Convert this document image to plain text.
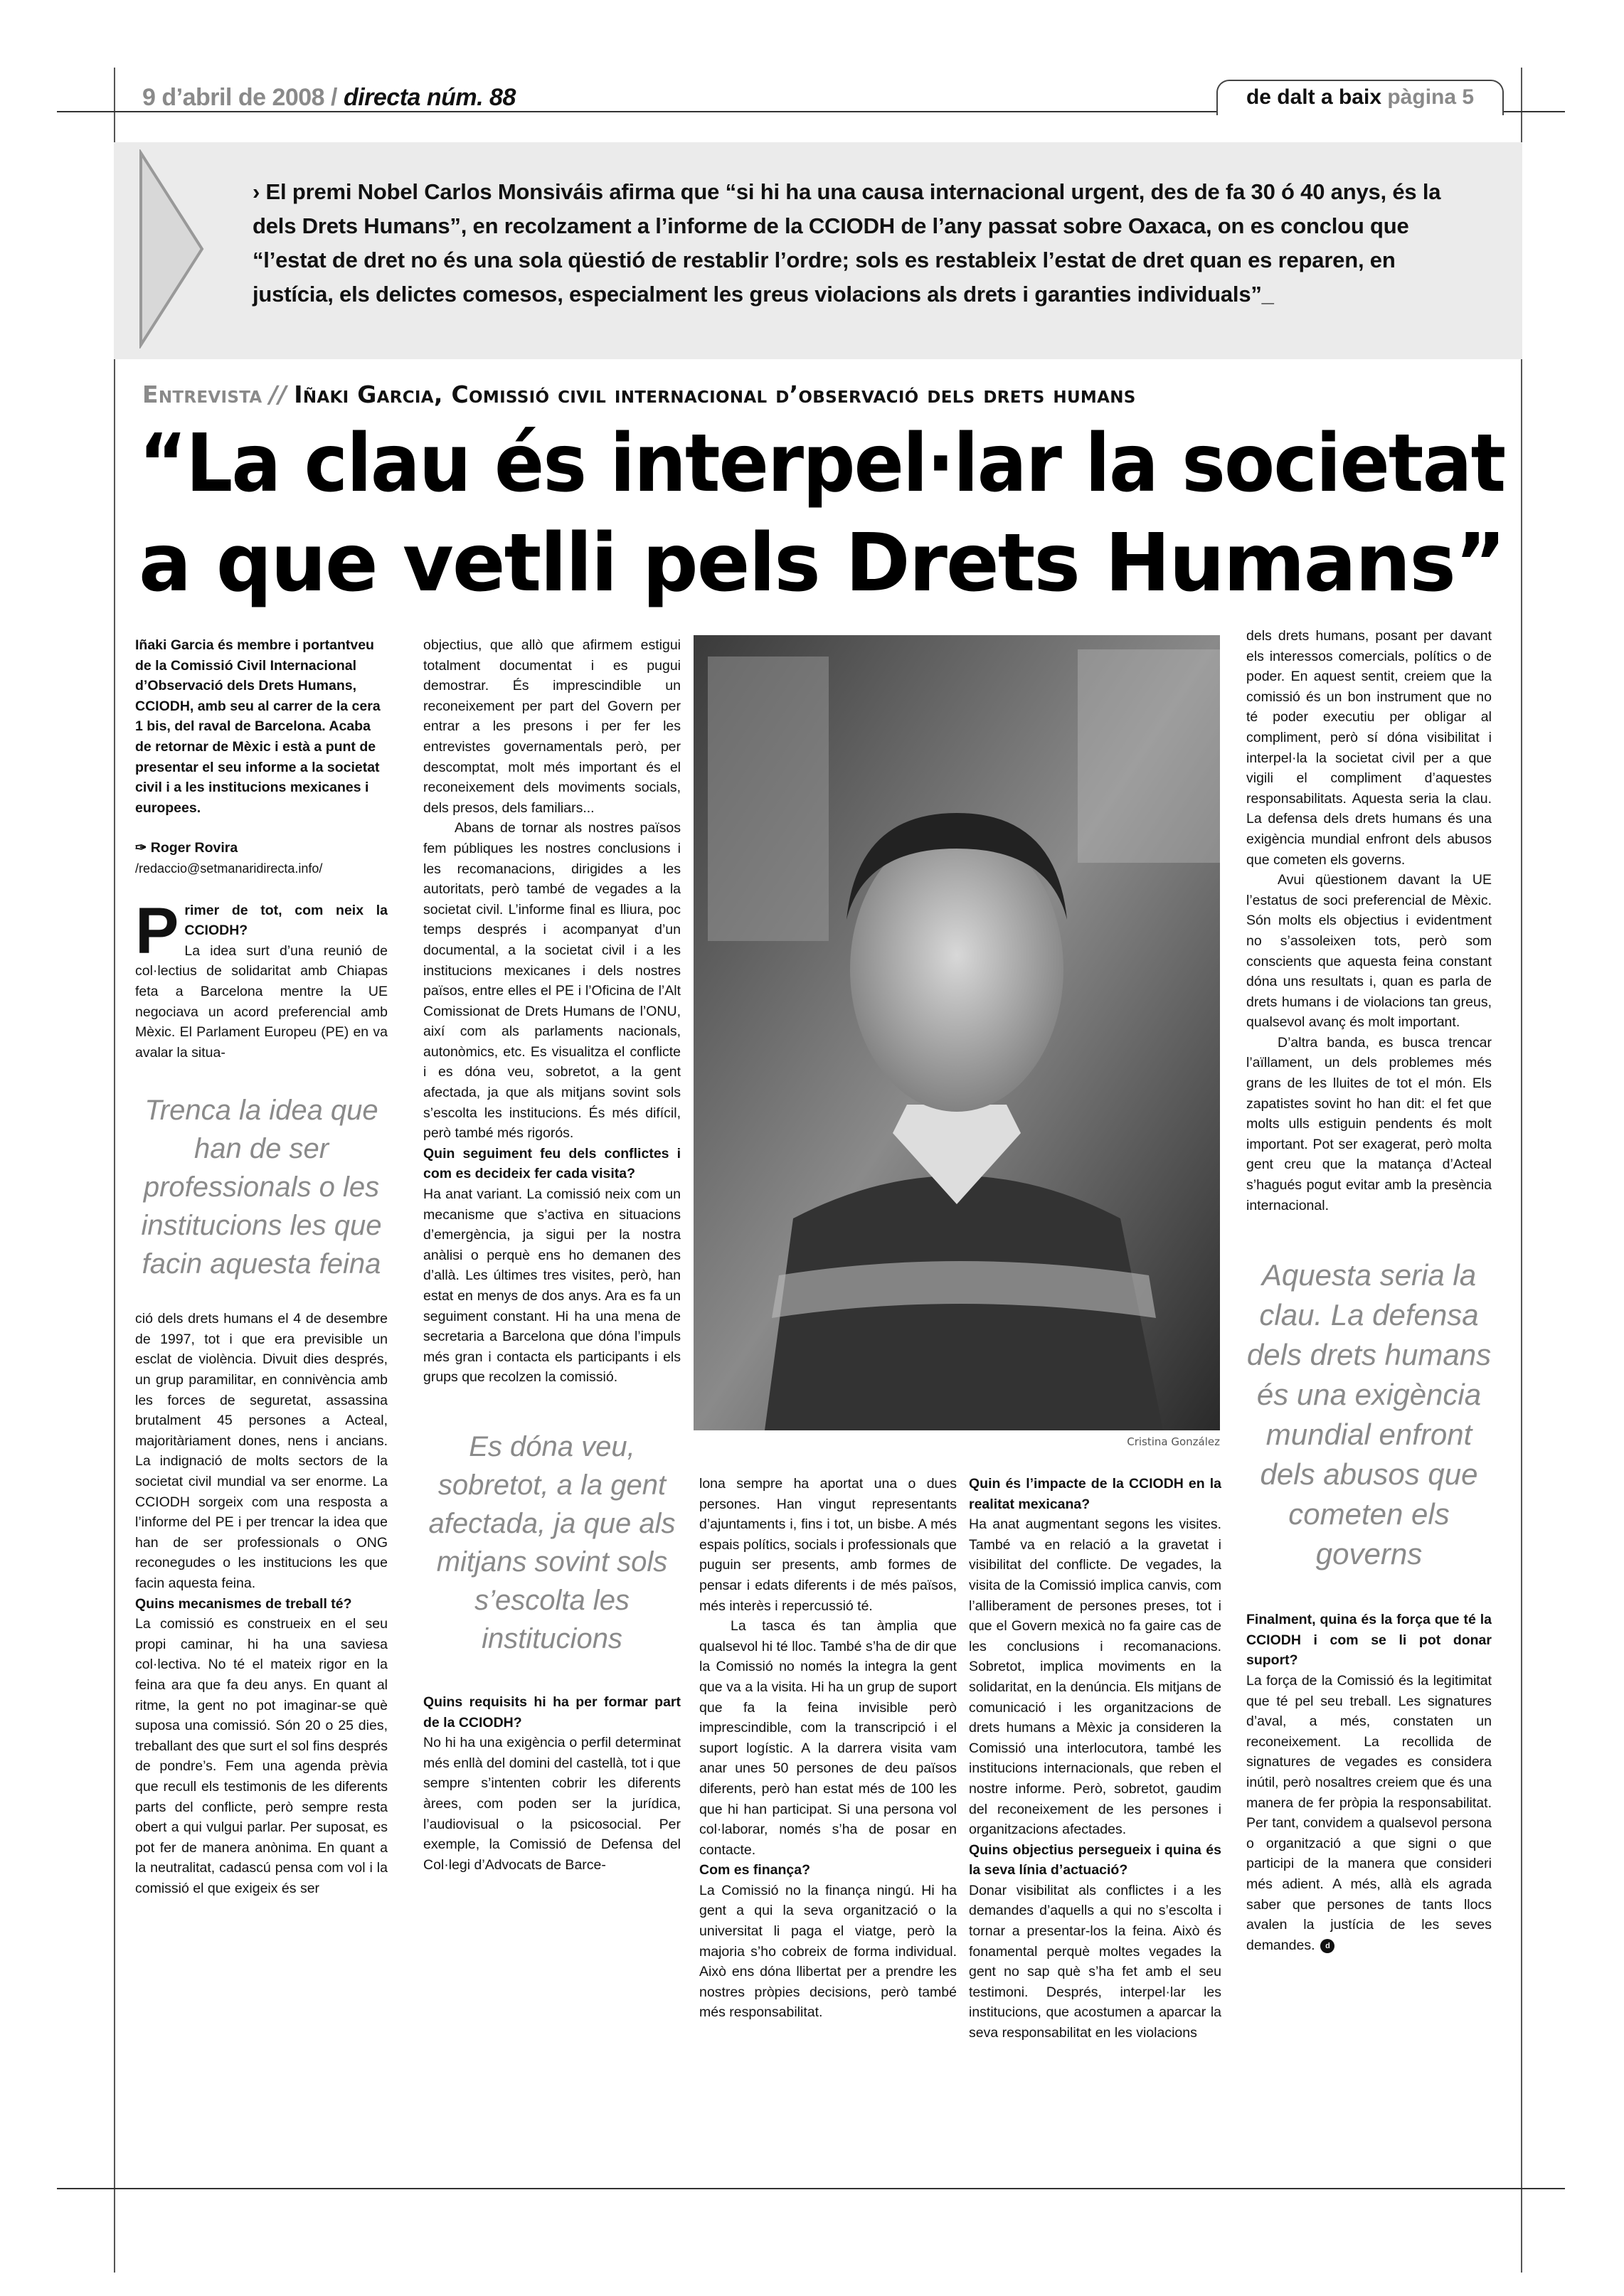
9 d’abril de 2008 / directa núm. 88	de dalt a baix pàgina 5
› El premi Nobel Carlos Monsiváis afirma que “si hi ha una causa internacional urgent, des de fa 30 ó 40 anys, és la dels Drets Humans”, en recolzament a l’informe de la CCIODH de l’any passat sobre Oaxaca, on es conclou que “l’estat de dret no és una sola qüestió de restablir l’ordre; sols es restableix l’estat de dret quan es reparen, en justícia, els delictes comesos, especialment les greus violacions als drets i garanties individuals”_
Entrevista // Iñaki Garcia, Comissió civil internacional d’observació dels drets humans
“La clau és interpel·lar la societat
a que vetlli pels Drets Humans”

Iñaki Garcia és membre i portantveu de la Comissió Civil Internacional d’Observació dels Drets Humans, CCIODH, amb seu al carrer de la cera 1 bis, del raval de Barcelona. Acaba de retornar de Mèxic i està a punt de presentar el seu informe a la societat civil i a les institucions mexicanes i europees.

✑ Roger Rovira

/redaccio@setmanaridirecta.info/

Primer de tot, com neix la CCIODH?
La idea surt d’una reunió de col·lectius de solidaritat amb Chiapas feta a Barcelona mentre la UE negociava un acord preferencial amb Mèxic. El Parlament Europeu (PE) en va avalar la situa-

Trenca la idea que han de ser professionals o les institucions les que facin aquesta feina

ció dels drets humans el 4 de desembre de 1997, tot i que era previsible un esclat de violència. Divuit dies després, un grup paramilitar, en connivència amb les forces de seguretat, assassina brutalment 45 persones a Acteal, majoritàriament dones, nens i ancians. La indignació de molts sectors de la societat civil mundial va ser enorme. La CCIODH sorgeix com una resposta a l’informe del PE i per trencar la idea que han de ser professionals o ONG reconegudes o les institucions les que facin aquesta feina.

Quins mecanismes de treball té?

La comissió es construeix en el seu propi caminar, hi ha una saviesa col·lectiva. No té el mateix rigor en la feina ara que fa deu anys. En quant al ritme, la gent no pot imaginar-se què suposa una comissió. Són 20 o 25 dies, treballant des que surt el sol fins després de pondre’s. Fem una agenda prèvia que recull els testimonis de les diferents parts del conflicte, però sempre resta obert a qui vulgui parlar. Per suposat, es pot fer de manera anònima. En quant a la neutralitat, cadascú pensa com vol i la comissió el que exigeix és ser

objectius, que allò que afirmem estigui totalment documentat i es pugui demostrar. És imprescindible un reconeixement per part del Govern per entrar a les presons i per fer les entrevistes governamentals però, per descomptat, molt més important és el reconeixement dels moviments socials, dels presos, dels familiars...

Abans de tornar als nostres països fem públiques les nostres conclusions i les recomanacions, dirigides a les autoritats, però també de vegades a la societat civil. L’informe final es lliura, poc temps després i acompanyat d’un documental, a la societat civil i a les institucions mexicanes i dels nostres països, entre elles el PE i l’Oficina de l’Alt Comissionat de Drets Humans de l’ONU, així com als parlaments nacionals, autonòmics, etc. Es visualitza el conflicte i es dóna veu, sobretot, a la gent afectada, ja que als mitjans sovint sols s’escolta les institucions. És més difícil, però també més rigorós.

Quin seguiment feu dels conflictes i com es decideix fer cada visita?

Ha anat variant. La comissió neix com un mecanisme que s’activa en situacions d’emergència, ja sigui per la nostra anàlisi o perquè ens ho demanen des d’allà. Les últimes tres visites, però, han estat en menys de dos anys. Ara es fa un seguiment constant. Hi ha una mena de secretaria a Barcelona que dóna l’impuls més gran i contacta els participants i els grups que recolzen la comissió.

Es dóna veu, sobretot, a la gent afectada, ja que als mitjans sovint sols s’escolta les institucions

Quins requisits hi ha per formar part de la CCIODH?

No hi ha una exigència o perfil determinat més enllà del domini del castellà, tot i que sempre s’intenten cobrir les diferents àrees, com poden ser la jurídica, l’audiovisual o la psicosocial. Per exemple, la Comissió de Defensa del Col·legi d’Advocats de Barce-

Cristina González

lona sempre ha aportat una o dues persones. Han vingut representants d’ajuntaments i, fins i tot, un bisbe. A més espais polítics, socials i professionals que puguin ser presents, amb formes de pensar i edats diferents i de més països, més interès i repercussió té.

La tasca és tan àmplia que qualsevol hi té lloc. També s’ha de dir que la Comissió no només la integra la gent que va a la visita. Hi ha un grup de suport que fa la feina invisible però imprescindible, com la transcripció i el suport logístic. A la darrera visita vam anar unes 50 persones de deu països diferents, però han estat més de 100 les que hi han participat. Si una persona vol col·laborar, només s’ha de posar en contacte.

Com es finança?

La Comissió no la finança ningú. Hi ha gent a qui la seva organització o la universitat li paga el viatge, però la majoria s’ho cobreix de forma individual. Això ens dóna llibertat per a prendre les nostres pròpies decisions, però també més responsabilitat.

Quin és l’impacte de la CCIODH en la realitat mexicana?

Ha anat augmentant segons les visites. També va en relació a la gravetat i visibilitat del conflicte. De vegades, la visita de la Comissió implica canvis, com l’alliberament de persones preses, tot i que el Govern mexicà no fa gaire cas de les conclusions i recomanacions. Sobretot, implica moviments en la solidaritat, en la denúncia. Els mitjans de comunicació i les organitzacions de drets humans a Mèxic ja consideren la Comissió una interlocutora, també les institucions internacionals, que reben el nostre informe. Però, sobretot, gaudim del reconeixement de les persones i organitzacions afectades.

Quins objectius persegueix i quina és la seva línia d’actuació?

Donar visibilitat als conflictes i a les demandes d’aquells a qui no s’escolta i tornar a presentar-los la feina. Això és fonamental perquè moltes vegades la gent no sap què s’ha fet amb el seu testimoni. Després, interpel·lar les institucions, que acostumen a aparcar la seva responsabilitat en les violacions

dels drets humans, posant per davant els interessos comercials, polítics o de poder. En aquest sentit, creiem que la comissió és un bon instrument que no té poder executiu per obligar al compliment, però sí dóna visibilitat i interpel·la la societat civil per a que vigili el compliment d’aquestes responsabilitats. Aquesta seria la clau. La defensa dels drets humans és una exigència mundial enfront dels abusos que cometen els governs.

Avui qüestionem davant la UE l’estatus de soci preferencial de Mèxic. Són molts els objectius i evidentment no s’assoleixen tots, però som conscients que aquesta feina constant dóna uns resultats i, quan es parla de drets humans i de violacions tan greus, qualsevol avanç és molt important.

D’altra banda, es busca trencar l’aïllament, un dels problemes més grans de les lluites de tot el món. Els zapatistes sovint ho han dit: el fet que molts ulls estiguin pendents és molt important. Pot ser exagerat, però molta gent creu que la matança d’Acteal s’hagués pogut evitar amb la presència internacional.

Aquesta seria la clau. La defensa dels drets humans és una exigència mundial enfront dels abusos que cometen els governs

Finalment, quina és la força que té la CCIODH i com se li pot donar suport?

La força de la Comissió és la legitimitat que té pel seu treball. Les signatures d’aval, a més, constaten un reconeixement. La recollida de signatures de vegades es considera inútil, però nosaltres creiem que és una manera de fer pròpia la responsabilitat. Per tant, convidem a qualsevol persona o organització a que signi o que participi de la manera que consideri més adient. A més, allà els agrada saber que persones de tants llocs avalen la justícia de les seves demandes. d
